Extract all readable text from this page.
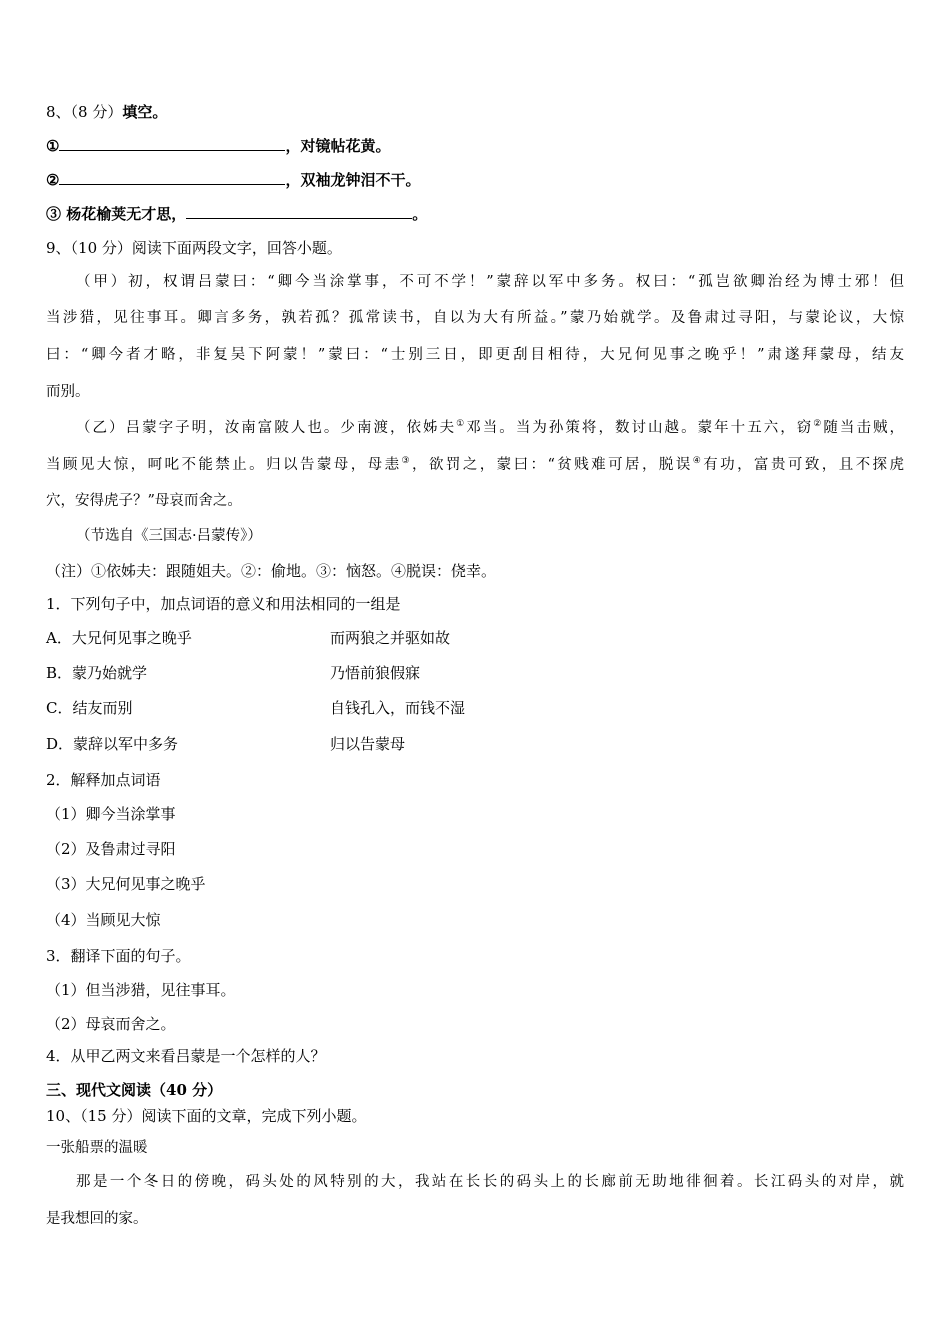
8、（8 分）填空。
①	，对镜帖花黄。
②	，双袖龙钟泪不干。
③ 杨花榆荚无才思，	。
9、（10 分）阅读下面两段文字，回答小题。
（甲）初，权谓吕蒙曰：“卿今当涂掌事，不可不学！”蒙辞以军中多务。权曰：“孤岂欲卿治经为博士邪！但
当涉猎，见往事耳。卿言多务，孰若孤？孤常读书，自以为大有所益。”蒙乃始就学。及鲁肃过寻阳，与蒙论议，大惊
曰：“卿今者才略，非复吴下阿蒙！”蒙曰：“士别三日，即更刮目相待，大兄何见事之晚乎！”肃遂拜蒙母，结友
而别。
（乙）吕蒙字子明，汝南富陂人也。少南渡，依姊夫①邓当。当为孙策将，数讨山越。蒙年十五六，窃②随当击贼，
当顾见大惊，呵叱不能禁止。归以告蒙母，母恚③，欲罚之，蒙曰：“贫贱难可居，脱误④有功，富贵可致，且不探虎
穴，安得虎子？”母哀而舍之。
（节选自《三国志·吕蒙传》）
（注）①依姊夫：跟随姐夫。②：偷地。③：恼怒。④脱误：侥幸。
1．下列句子中，加点词语的意义和用法相同的一组是
A．大兄何见事之晚乎	而两狼之并驱如故
B．蒙乃始就学	乃悟前狼假寐
C．结友而别	自钱孔入，而钱不湿
D．蒙辞以军中多务	归以告蒙母
2．解释加点词语
（1）卿今当涂掌事
（2）及鲁肃过寻阳
（3）大兄何见事之晚乎
（4）当顾见大惊
3．翻译下面的句子。
（1）但当涉猎，见往事耳。
（2）母哀而舍之。
4．从甲乙两文来看吕蒙是一个怎样的人？
三、现代文阅读（40 分）
10、（15 分）阅读下面的文章，完成下列小题。
一张船票的温暖
那是一个冬日的傍晚，码头处的风特别的大，我站在长长的码头上的长廊前无助地徘徊着。长江码头的对岸，就
是我想回的家。
